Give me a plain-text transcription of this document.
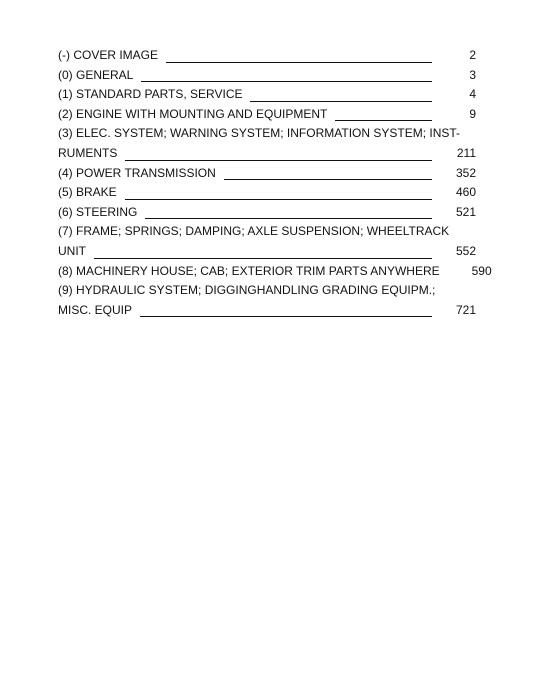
(-) COVER IMAGE	2
(0) GENERAL	3
(1) STANDARD PARTS, SERVICE	4
(2) ENGINE WITH MOUNTING AND EQUIPMENT	9
(3) ELEC. SYSTEM; WARNING SYSTEM; INFORMATION SYSTEM; INST-
RUMENTS	211
(4) POWER TRANSMISSION	352
(5) BRAKE	460
(6) STEERING	521
(7) FRAME; SPRINGS; DAMPING; AXLE SUSPENSION; WHEELTRACK
UNIT	552
(8) MACHINERY HOUSE; CAB; EXTERIOR TRIM PARTS ANYWHERE	590
(9) HYDRAULIC SYSTEM; DIGGINGHANDLING GRADING EQUIPM.;
MISC. EQUIP	721
